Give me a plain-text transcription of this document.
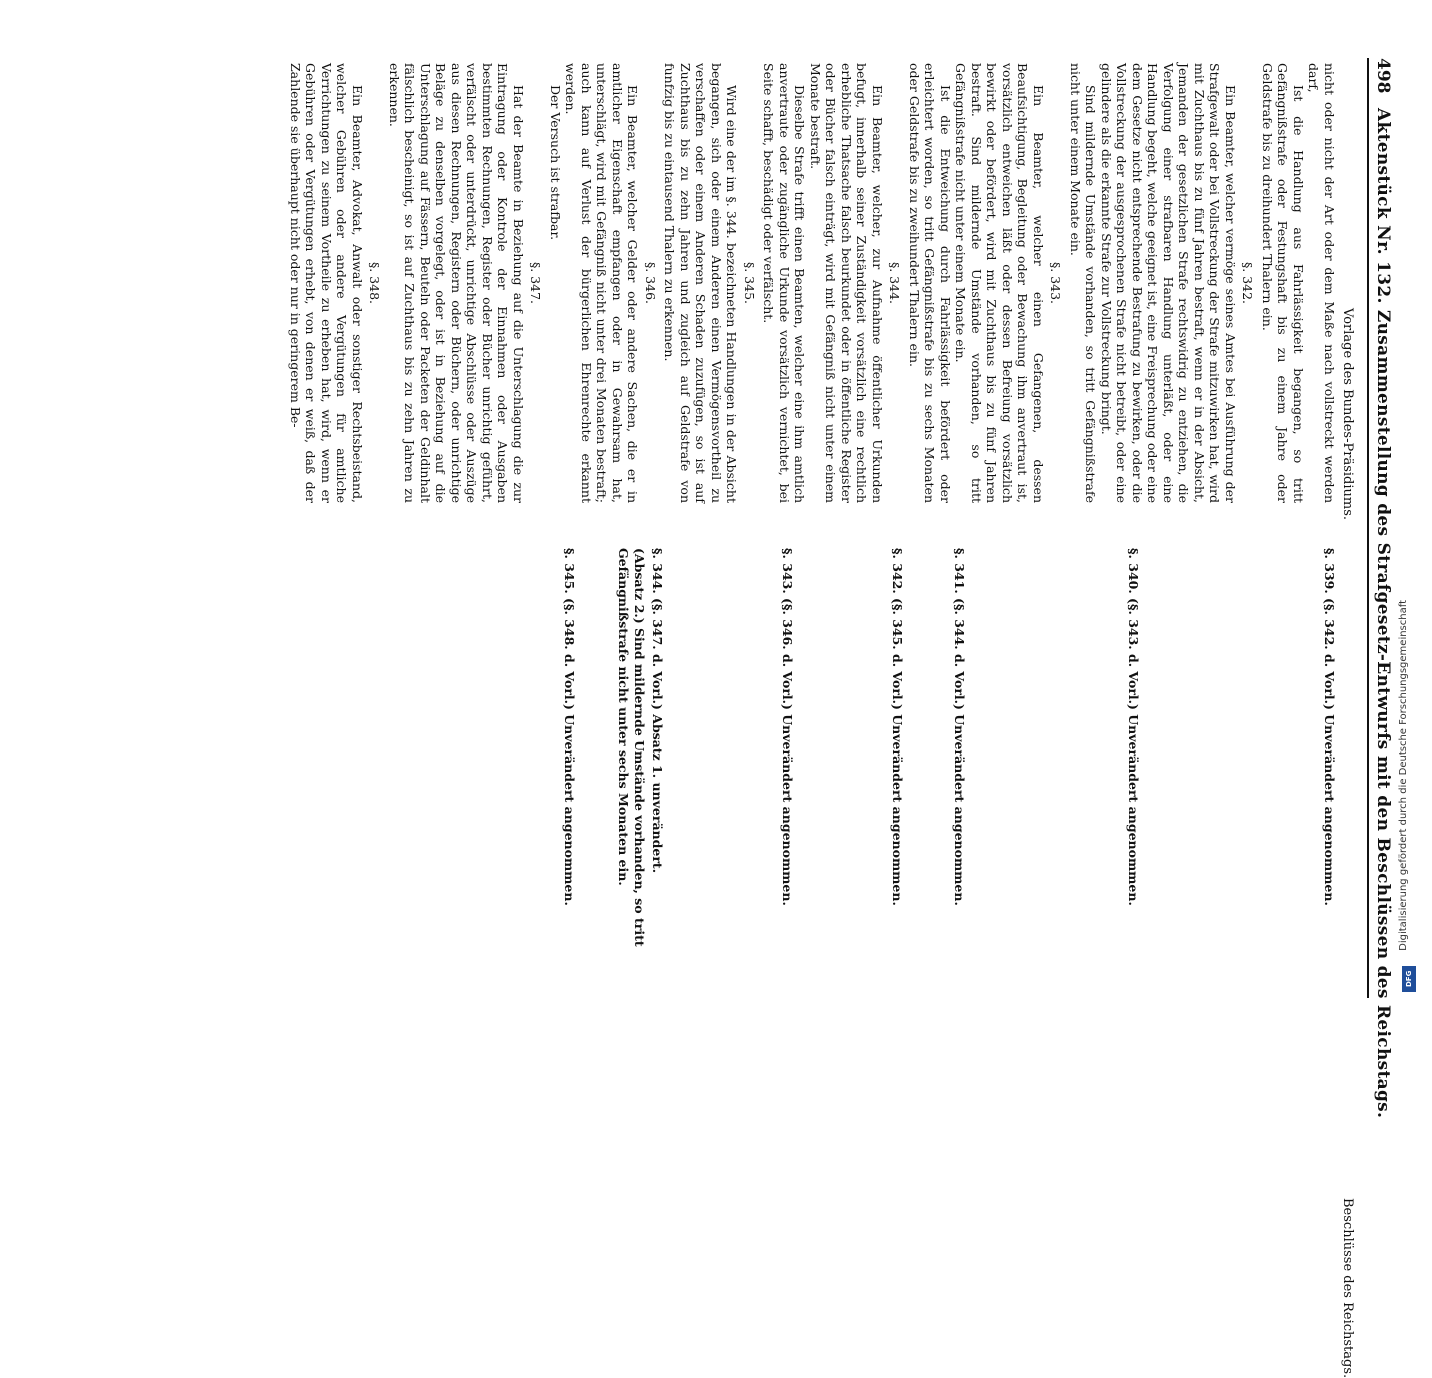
498
Aktenstück Nr. 132. Zusammenstellung des Strafgesetz-Entwurfs mit den Beschlüssen des Reichstags.
Vorlage des Bundes-Präsidiums.
Beschlüsse des Reichstags.

nicht oder nicht der Art oder dem Maße nach vollstreckt werden darf,

Ist die Handlung aus Fahrlässigkeit begangen, so tritt Gefängnißstrafe oder Festungshaft bis zu einem Jahre oder Geldstrafe bis zu dreihundert Thalern ein.

§. 342.

Ein Beamter, welcher vermöge seines Amtes bei Ausführung der Strafgewalt oder bei Vollstreckung der Strafe mitzuwirken hat, wird mit Zuchthaus bis zu fünf Jahren bestraft, wenn er in der Absicht, Jemanden der gesetzlichen Strafe rechtswidrig zu entziehen, die Verfolgung einer strafbaren Handlung unterläßt, oder eine Handlung begeht, welche geeignet ist, eine Freisprechung oder eine dem Gesetze nicht entsprechende Bestrafung zu bewirken, oder die Vollstreckung der ausgesprochenen Strafe nicht betreibt, oder eine gelindere als die erkannte Strafe zur Vollstreckung bringt.

Sind mildernde Umstände vorhanden, so tritt Gefängnißstrafe nicht unter einem Monate ein.

§. 343.

Ein Beamter, welcher einen Gefangenen, dessen Beaufsichtigung, Begleitung oder Bewachung ihm anvertraut ist, vorsätzlich entweichen läßt oder dessen Befreiung vorsätzlich bewirkt oder befördert, wird mit Zuchthaus bis zu fünf Jahren bestraft. Sind mildernde Umstände vorhanden, so tritt Gefängnißstrafe nicht unter einem Monate ein.

Ist die Entweichung durch Fahrlässigkeit befördert oder erleichtert worden, so tritt Gefängnißstrafe bis zu sechs Monaten oder Geldstrafe bis zu zweihundert Thalern ein.

§. 344.

Ein Beamter, welcher, zur Aufnahme öffentlicher Urkunden befugt, innerhalb seiner Zuständigkeit vorsätzlich eine rechtlich erhebliche Thatsache falsch beurkundet oder in öffentliche Register oder Bücher falsch einträgt, wird mit Gefängniß nicht unter einem Monate bestraft.

Dieselbe Strafe trifft einen Beamten, welcher eine ihm amtlich anvertraute oder zugängliche Urkunde vorsätzlich vernichtet, bei Seite schafft, beschädigt oder verfälscht.

§. 345.

Wird eine der im §. 344. bezeichneten Handlungen in der Absicht begangen, sich oder einem Anderen einen Vermögensvortheil zu verschaffen oder einem Anderen Schaden zuzufügen, so ist auf Zuchthaus bis zu zehn Jahren und zugleich auf Geldstrafe von funfzig bis zu eintausend Thalern zu erkennen.

§. 346.

Ein Beamter, welcher Gelder oder andere Sachen, die er in amtlicher Eigenschaft empfangen oder in Gewahrsam hat, unterschlägt, wird mit Gefängniß nicht unter drei Monaten bestraft; auch kann auf Verlust der bürgerlichen Ehrenrechte erkannt werden.

Der Versuch ist strafbar.

§. 347.

Hat der Beamte in Beziehung auf die Unterschlagung die zur Eintragung oder Kontrole der Einnahmen oder Ausgaben bestimmten Rechnungen, Register oder Bücher unrichtig geführt, verfälscht oder unterdrückt, unrichtige Abschlüsse oder Auszüge aus diesen Rechnungen, Registern oder Büchern, oder unrichtige Beläge zu denselben vorgelegt, oder ist in Beziehung auf die Unterschlagung auf Fässern, Beuteln oder Packeten der Geldinhalt fälschlich bescheinigt, so ist auf Zuchthaus bis zu zehn Jahren zu erkennen.

§. 348.

Ein Beamter, Advokat, Anwalt oder sonstiger Rechtsbeistand, welcher Gebühren oder andere Vergütungen für amtliche Verrichtungen zu seinem Vortheile zu erheben hat, wird, wenn er Gebühren oder Vergütungen erhebt, von denen er weiß, daß der Zahlende sie überhaupt nicht oder nur in geringerem Be-

§. 339. (§. 342. d. Vorl.) Unverändert angenommen.

§. 340. (§. 343. d. Vorl.) Unverändert angenommen.

§. 341. (§. 344. d. Vorl.) Unverändert angenommen.

§. 342. (§. 345. d. Vorl.) Unverändert angenommen.

§. 343. (§. 346. d. Vorl.) Unverändert angenommen.

§. 344. (§. 347. d. Vorl.) Absatz 1. unverändert.

(Absatz 2.) Sind mildernde Umstände vorhanden, so tritt Gefängnißstrafe nicht unter sechs Monaten ein.

§. 345. (§. 348. d. Vorl.) Unverändert angenommen.	Digitalisierung gefördert durch die Deutsche Forschungsgemeinschaft
DFG
